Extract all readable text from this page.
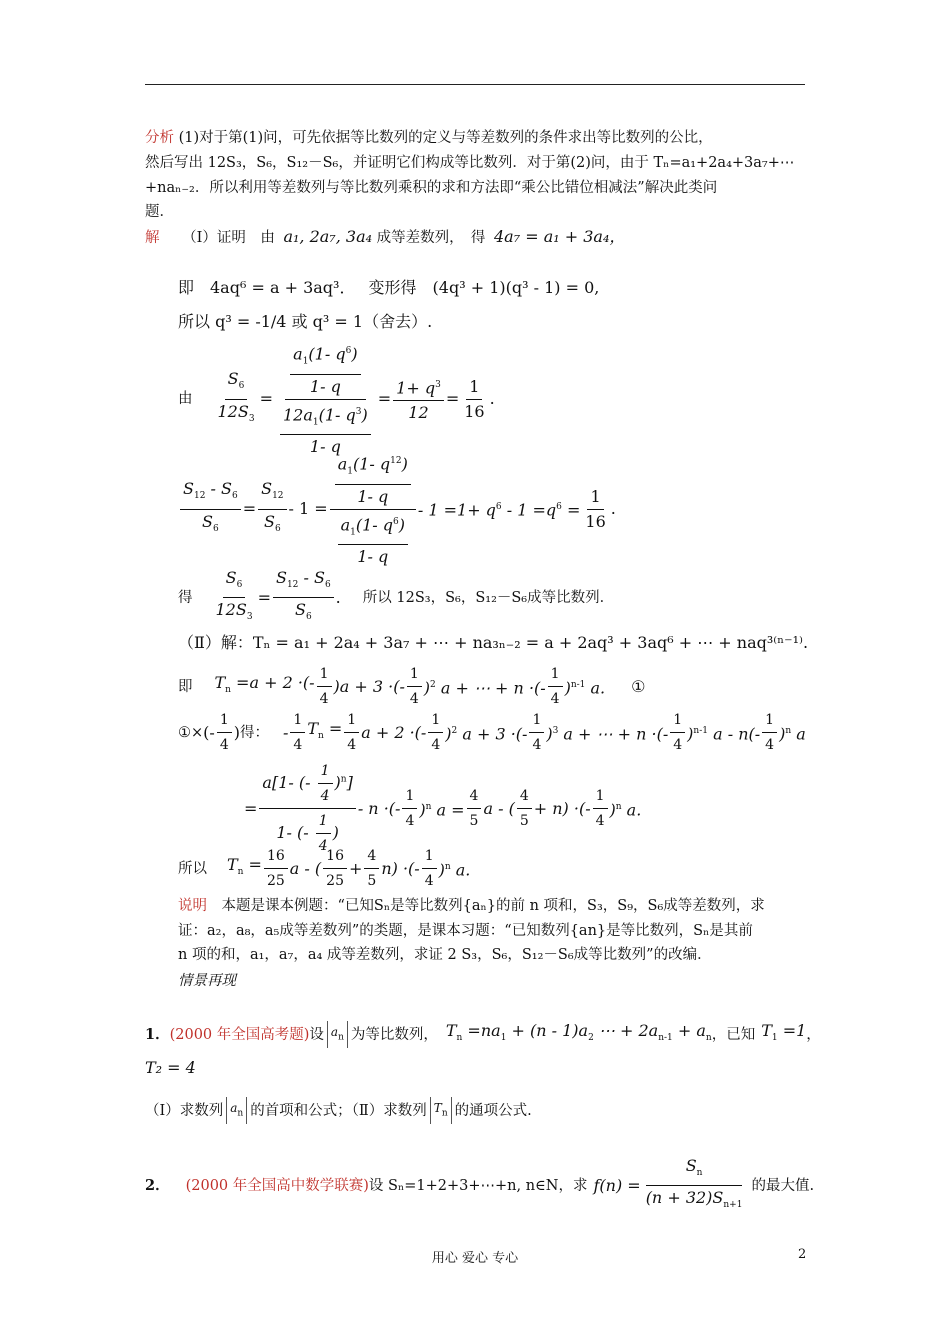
分析 (1)对于第(1)问，可先依据等比数列的定义与等差数列的条件求出等比数列的公比，
然后写出 12S₃，S₆，S₁₂－S₆，并证明它们构成等比数列．对于第(2)问，由于 Tₙ=a₁+2a₄+3a₇+⋯
+naₙ₋₂．所以利用等差数列与等比数列乘积的求和方法即“乘公比错位相减法”解决此类问
题．
解 （Ⅰ）证明　由 a₁, 2a₇, 3a₄ 成等差数列，　得 4a₇ = a₁ + 3a₄，
即　4aq⁶ = a + 3aq³．　 变形得　(4q³ + 1)(q³ - 1) = 0,
所以 q³ = -1/4 或 q³ = 1（舍去）.
由 $\frac{S_6}{12S_3} = \frac{\frac{a_1(1- q^6)}{1- q}}{\frac{12a_1(1- q^3)}{1- q}} = \frac{1+ q^3}{12} = \frac{1}{16}$ .
$\frac{S_{12} - S_6}{S_6} = \frac{S_{12}}{S_6} - 1 = \frac{\frac{a_1(1- q^{12})}{1- q}}{\frac{a_1(1- q^6)}{1- q}} - 1 =1+ q^6 - 1 =q^6 = \frac{1}{16}$ .
得 $\frac{S_6}{12S_3} = \frac{S_{12} - S_6}{S_6}$ . 所以 12S₃，S₆，S₁₂－S₆成等比数列．
（Ⅱ）解：Tₙ = a₁ + 2a₄ + 3a₇ + ⋯ + na₃ₙ₋₂ = a + 2aq³ + 3aq⁶ + ⋯ + naq³⁽ⁿ⁻¹⁾.
即 $T_n =a + 2$ ·(- $\frac{1}{4} )a + 3$ ·(- $\frac{1}{4} )^2$ a + ⋯ + n ·(- $\frac{1}{4} )^{n-1}$ a. ①
①× (- $\frac{1}{4}$ ) 得： - $\frac{1}{4} T_n = \frac{1}{4}$ a + 2 ·(- $\frac{1}{4} )^2$ a + 3 ·(- $\frac{1}{4} )^3$ a + ⋯ + n ·(- $\frac{1}{4} )^{n-1}$ a - $n(- \frac{1}{4} )^n$ a
= $\frac{a[1- (- \frac{1}{4} )^n]}{1- (- \frac{1}{4} )}$ - n ·(- $\frac{1}{4} )^n$ $a = \frac{4}{5}$ a - ( $\frac{4}{5} + n$) ·(- $\frac{1}{4} )^n$ a.
所以 $T_n = \frac{16}{25}$ a - ( $\frac{16}{25} + \frac{4}{5} n$) ·(- $\frac{1}{4} )^n$ a.
说明　本题是课本例题：“已知Sₙ是等比数列{aₙ}的前 n 项和，S₃，S₉，S₆成等差数列，求
证：a₂，a₈，a₅成等差数列”的类题，是课本习题：“已知数列{an}是等比数列，Sₙ是其前
n 项的和，a₁，a₇，a₄ 成等差数列，求证 2 S₃，S₆，S₁₂－S₆成等比数列”的改编．
情景再现
1． (2000 年全国高考题) 设 $a_n$ 为等比数列， $T_n =na_1 + (n - 1)a_2$ ⋯ + $2a_{n-1} + a_n$ ，已知 $T_1 =1$ ，
T₂ = 4
（Ⅰ）求数列 $a_n$ 的首项和公式；（Ⅱ）求数列 $T_n$ 的通项公式.
2． (2000 年全国高中数学联赛) 设 Sₙ=1+2+3+⋯+n, n∈N，求 $f(n) = \frac{S_n}{(n + 32)S_{n+1}}$ 的最大值.
用心 爱心 专心	2
